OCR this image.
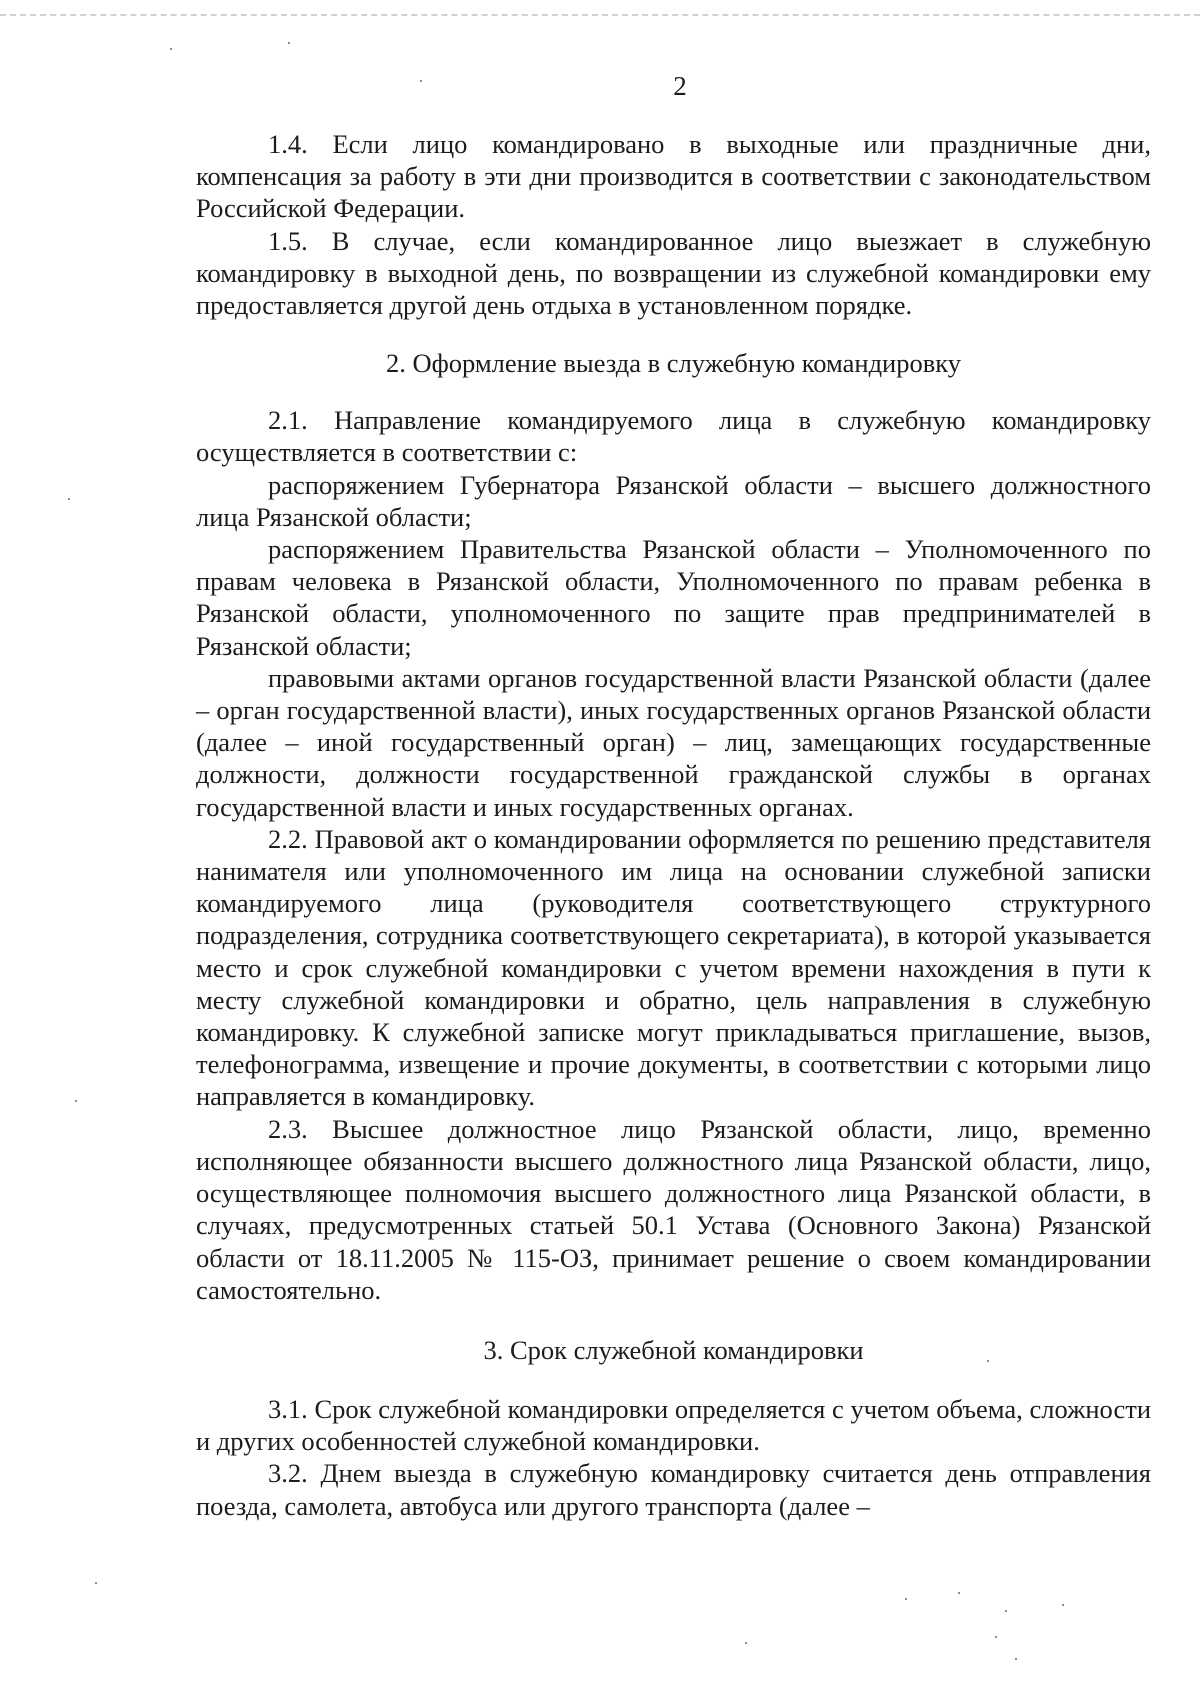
2

1.4. Если лицо командировано в выходные или праздничные дни, компенсация за работу в эти дни производится в соответствии с законодательством Российской Федерации.

1.5. В случае, если командированное лицо выезжает в служебную командировку в выходной день, по возвращении из служебной командировки ему предоставляется другой день отдыха в установленном порядке.

2. Оформление выезда в служебную командировку

2.1. Направление командируемого лица в служебную командировку осуществляется в соответствии с:

распоряжением Губернатора Рязанской области – высшего должностного лица Рязанской области;

распоряжением Правительства Рязанской области – Уполномоченного по правам человека в Рязанской области, Уполномоченного по правам ребенка в Рязанской области, уполномоченного по защите прав предпринимателей в Рязанской области;

правовыми актами органов государственной власти Рязанской области (далее – орган государственной власти), иных государственных органов Рязанской области (далее – иной государственный орган) – лиц, замещающих государственные должности, должности государственной гражданской службы в органах государственной власти и иных государственных органах.

2.2. Правовой акт о командировании оформляется по решению представителя нанимателя или уполномоченного им лица на основании служебной записки командируемого лица (руководителя соответствующего структурного подразделения, сотрудника соответствующего секретариата), в которой указывается место и срок служебной командировки с учетом времени нахождения в пути к месту служебной командировки и обратно, цель направления в служебную командировку. К служебной записке могут прикладываться приглашение, вызов, телефонограмма, извещение и прочие документы, в соответствии с которыми лицо направляется в командировку.

2.3. Высшее должностное лицо Рязанской области, лицо, временно исполняющее обязанности высшего должностного лица Рязанской области, лицо, осуществляющее полномочия высшего должностного лица Рязанской области, в случаях, предусмотренных статьей 50.1 Устава (Основного Закона) Рязанской области от 18.11.2005 № 115-ОЗ, принимает решение о своем командировании самостоятельно.

3. Срок служебной командировки

3.1. Срок служебной командировки определяется с учетом объема, сложности и других особенностей служебной командировки.

3.2. Днем выезда в служебную командировку считается день отправления поезда, самолета, автобуса или другого транспорта (далее –
